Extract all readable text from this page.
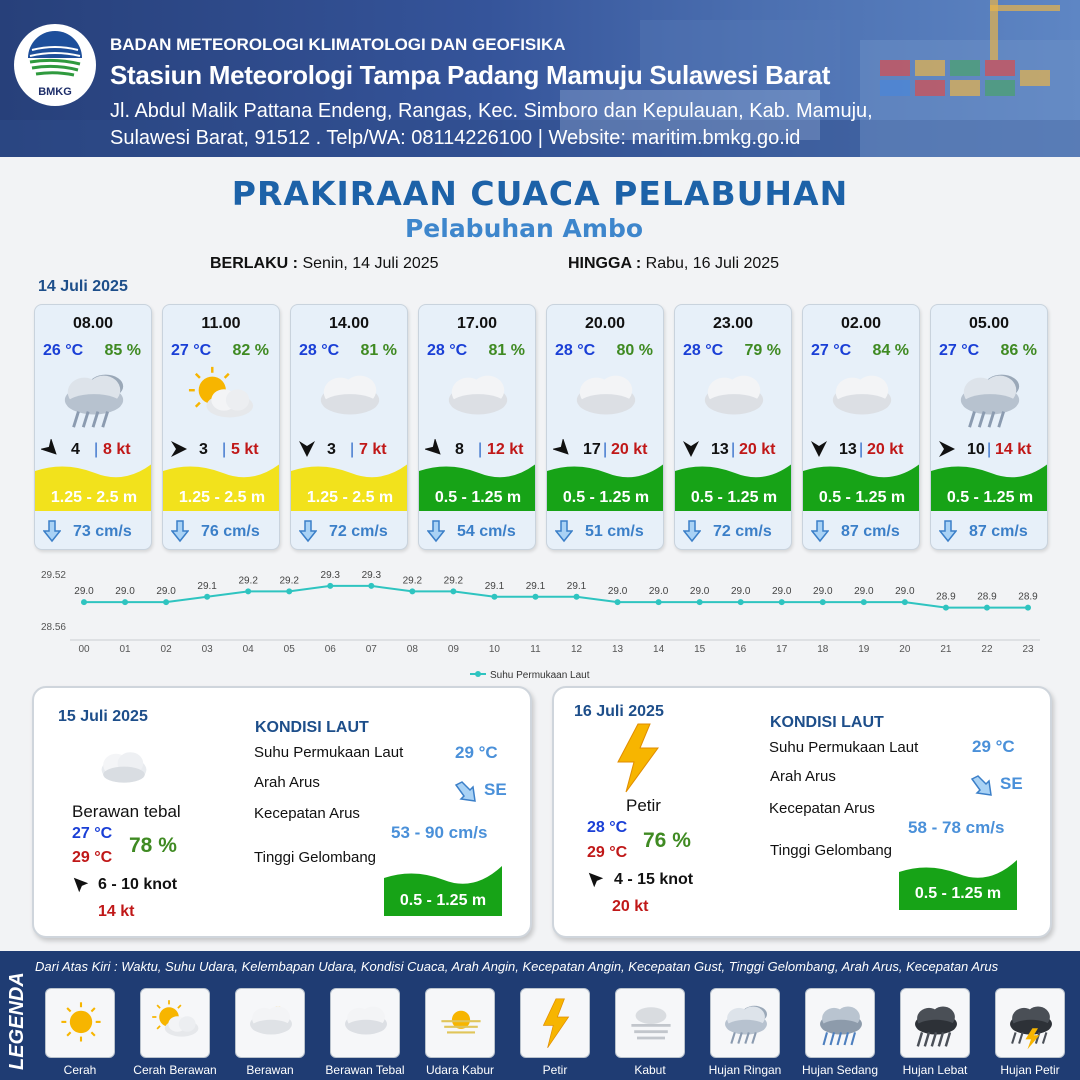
BMKG
BADAN METEOROLOGI KLIMATOLOGI DAN GEOFISIKA
Stasiun Meteorologi Tampa Padang Mamuju Sulawesi Barat
Jl. Abdul Malik Pattana Endeng, Rangas, Kec. Simboro dan Kepulauan, Kab. Mamuju,
Sulawesi Barat, 91512 . Telp/WA: 08114226100 | Website: maritim.bmkg.go.id
PRAKIRAAN CUACA PELABUHAN
Pelabuhan Ambo
BERLAKU : Senin, 14 Juli 2025	HINGGA : Rabu, 16 Juli 2025
14 Juli 2025
08.00
26 °C 85 %
4 | 8 kt
1.25 - 2.5 m
73 cm/s
11.00
27 °C 82 %
3 | 5 kt
1.25 - 2.5 m
76 cm/s
14.00
28 °C 81 %
3 | 7 kt
1.25 - 2.5 m
72 cm/s
17.00
28 °C 81 %
8 | 12 kt
0.5 - 1.25 m
54 cm/s
20.00
28 °C 80 %
17 | 20 kt
0.5 - 1.25 m
51 cm/s
23.00
28 °C 79 %
13 | 20 kt
0.5 - 1.25 m
72 cm/s
02.00
27 °C 84 %
13 | 20 kt
0.5 - 1.25 m
87 cm/s
05.00
27 °C 86 %
10 | 14 kt
0.5 - 1.25 m
87 cm/s
29.52
28.56
00	01	02	03	04	05	06	07	08	09	10	11	12	13	14	15	16	17	18	19	20	21	22	23
29.0 29.0 29.0 29.1 29.2 29.2 29.3 29.3 29.2 29.2 29.1 29.1 29.1 29.0 29.0 29.0 29.0 29.0 29.0 29.0 29.0 28.9 28.9 28.9
Suhu Permukaan Laut
15 Juli 2025
Berawan tebal
27 °C
29 °C
78 %
6 - 10 knot
14 kt
KONDISI LAUT
Suhu Permukaan Laut	29 °C
Arah Arus	SE
Kecepatan Arus
53 - 90 cm/s
Tinggi Gelombang
0.5 - 1.25 m
16 Juli 2025
Petir
28 °C
29 °C
76 %
4 - 15 knot
20 kt
KONDISI LAUT
Suhu Permukaan Laut	29 °C
Arah Arus	SE
Kecepatan Arus
58 - 78 cm/s
Tinggi Gelombang
0.5 - 1.25 m
LEGENDA
Dari Atas Kiri : Waktu, Suhu Udara, Kelembapan Udara, Kondisi Cuaca, Arah Angin, Kecepatan Angin, Kecepatan Gust, Tinggi Gelombang, Arah Arus, Kecepatan Arus
Cerah	Cerah Berawan	Berawan	Berawan Tebal	Udara Kabur	Petir	Kabut	Hujan Ringan	Hujan Sedang	Hujan Lebat	Hujan Petir
